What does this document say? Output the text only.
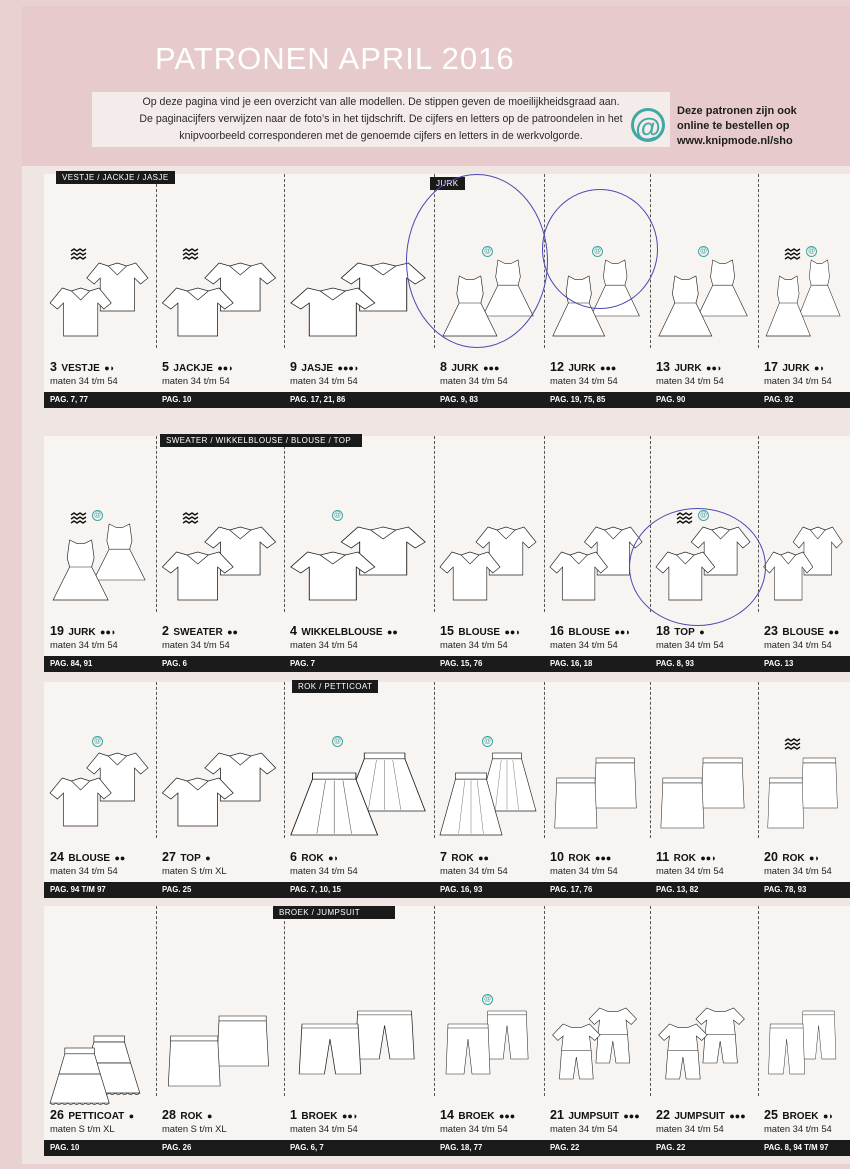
PATRONEN APRIL 2016
Op deze pagina vind je een overzicht van alle modellen. De stippen geven de moeilijkheidsgraad aan.
De paginacijfers verwijzen naar de foto’s in het tijdschrift. De cijfers en letters op de patroondelen in het
knipvoorbeeld corresponderen met de genoemde cijfers en letters in de werkvolgorde.	@
Deze patronen zijn ook
online te bestellen op
www.knipmode.nl/sho
PAG. 7, 77	PAG. 10	PAG. 17, 21, 86	PAG. 9, 83	PAG. 19, 75, 85	PAG. 90	PAG. 92
3 VESTJE ●◗
maten 34 t/m 54
5 JACKJE ●●◗
maten 34 t/m 54
9 JASJE ●●●◗
maten 34 t/m 54
@
8 JURK ●●●
maten 34 t/m 54
@
12 JURK ●●●
maten 34 t/m 54
@
13 JURK ●●◗
maten 34 t/m 54
@
17 JURK ●◗
maten 34 t/m 54
PAG. 84, 91	PAG. 6	PAG. 7	PAG. 15, 76	PAG. 16, 18	PAG. 8, 93	PAG. 13
@
19 JURK ●●◗
maten 34 t/m 54
2 SWEATER ●●
maten 34 t/m 54
@
4 WIKKELBLOUSE ●●
maten 34 t/m 54
15 BLOUSE ●●◗
maten 34 t/m 54
16 BLOUSE ●●◗
maten 34 t/m 54
@
18 TOP ●
maten 34 t/m 54
23 BLOUSE ●●
maten 34 t/m 54
PAG. 94 T/M 97	PAG. 25	PAG. 7, 10, 15	PAG. 16, 93	PAG. 17, 76	PAG. 13, 82	PAG. 78, 93
@
24 BLOUSE ●●
maten 34 t/m 54
27 TOP ●
maten S t/m XL
@
6 ROK ●◗
maten 34 t/m 54
@
7 ROK ●●
maten 34 t/m 54
10 ROK ●●●
maten 34 t/m 54
11 ROK ●●◗
maten 34 t/m 54
20 ROK ●◗
maten 34 t/m 54
PAG. 10	PAG. 26	PAG. 6, 7	PAG. 18, 77	PAG. 22	PAG. 22	PAG. 8, 94 T/M 97
26 PETTICOAT ●
maten S t/m XL
28 ROK ●
maten S t/m XL
1 BROEK ●●◗
maten 34 t/m 54
@
14 BROEK ●●●
maten 34 t/m 54
21 JUMPSUIT ●●●
maten 34 t/m 54
22 JUMPSUIT ●●●
maten 34 t/m 54
25 BROEK ●◗
maten 34 t/m 54
VESTJE / JACKJE / JASJE
JURK
SWEATER / WIKKELBLOUSE / BLOUSE / TOP
ROK / PETTICOAT
BROEK / JUMPSUIT
